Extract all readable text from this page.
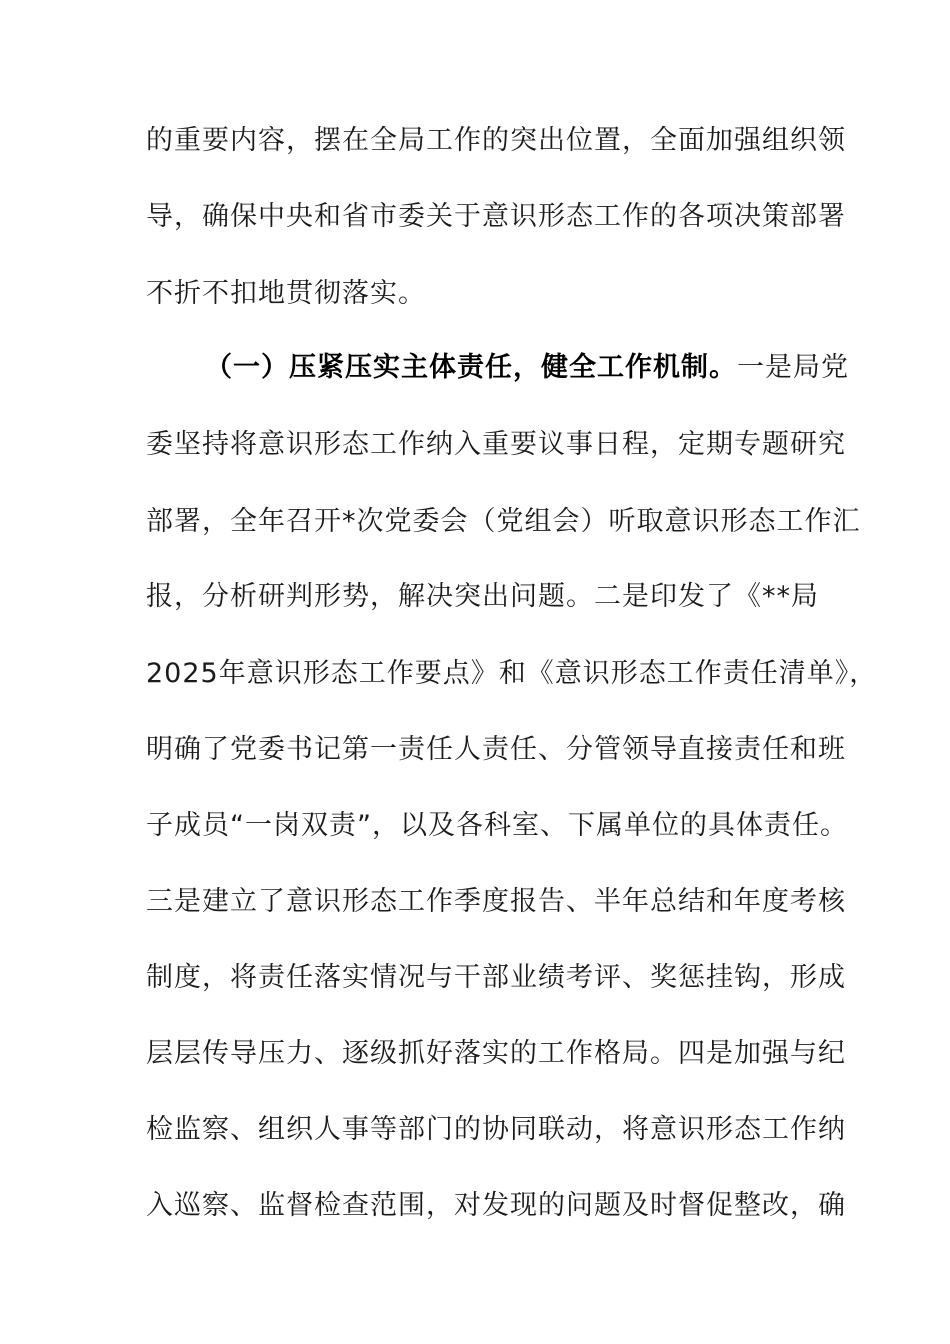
的重要内容，摆在全局工作的突出位置，全面加强组织领
导，确保中央和省市委关于意识形态工作的各项决策部署
不折不扣地贯彻落实。
（一）压紧压实主体责任，健全工作机制。一是局党
委坚持将意识形态工作纳入重要议事日程，定期专题研究
部署，全年召开*次党委会（党组会）听取意识形态工作汇
报，分析研判形势，解决突出问题。二是印发了《**局
2025年意识形态工作要点》和《意识形态工作责任清单》，
明确了党委书记第一责任人责任、分管领导直接责任和班
子成员“一岗双责”，以及各科室、下属单位的具体责任。
三是建立了意识形态工作季度报告、半年总结和年度考核
制度，将责任落实情况与干部业绩考评、奖惩挂钩，形成
层层传导压力、逐级抓好落实的工作格局。四是加强与纪
检监察、组织人事等部门的协同联动，将意识形态工作纳
入巡察、监督检查范围，对发现的问题及时督促整改，确
